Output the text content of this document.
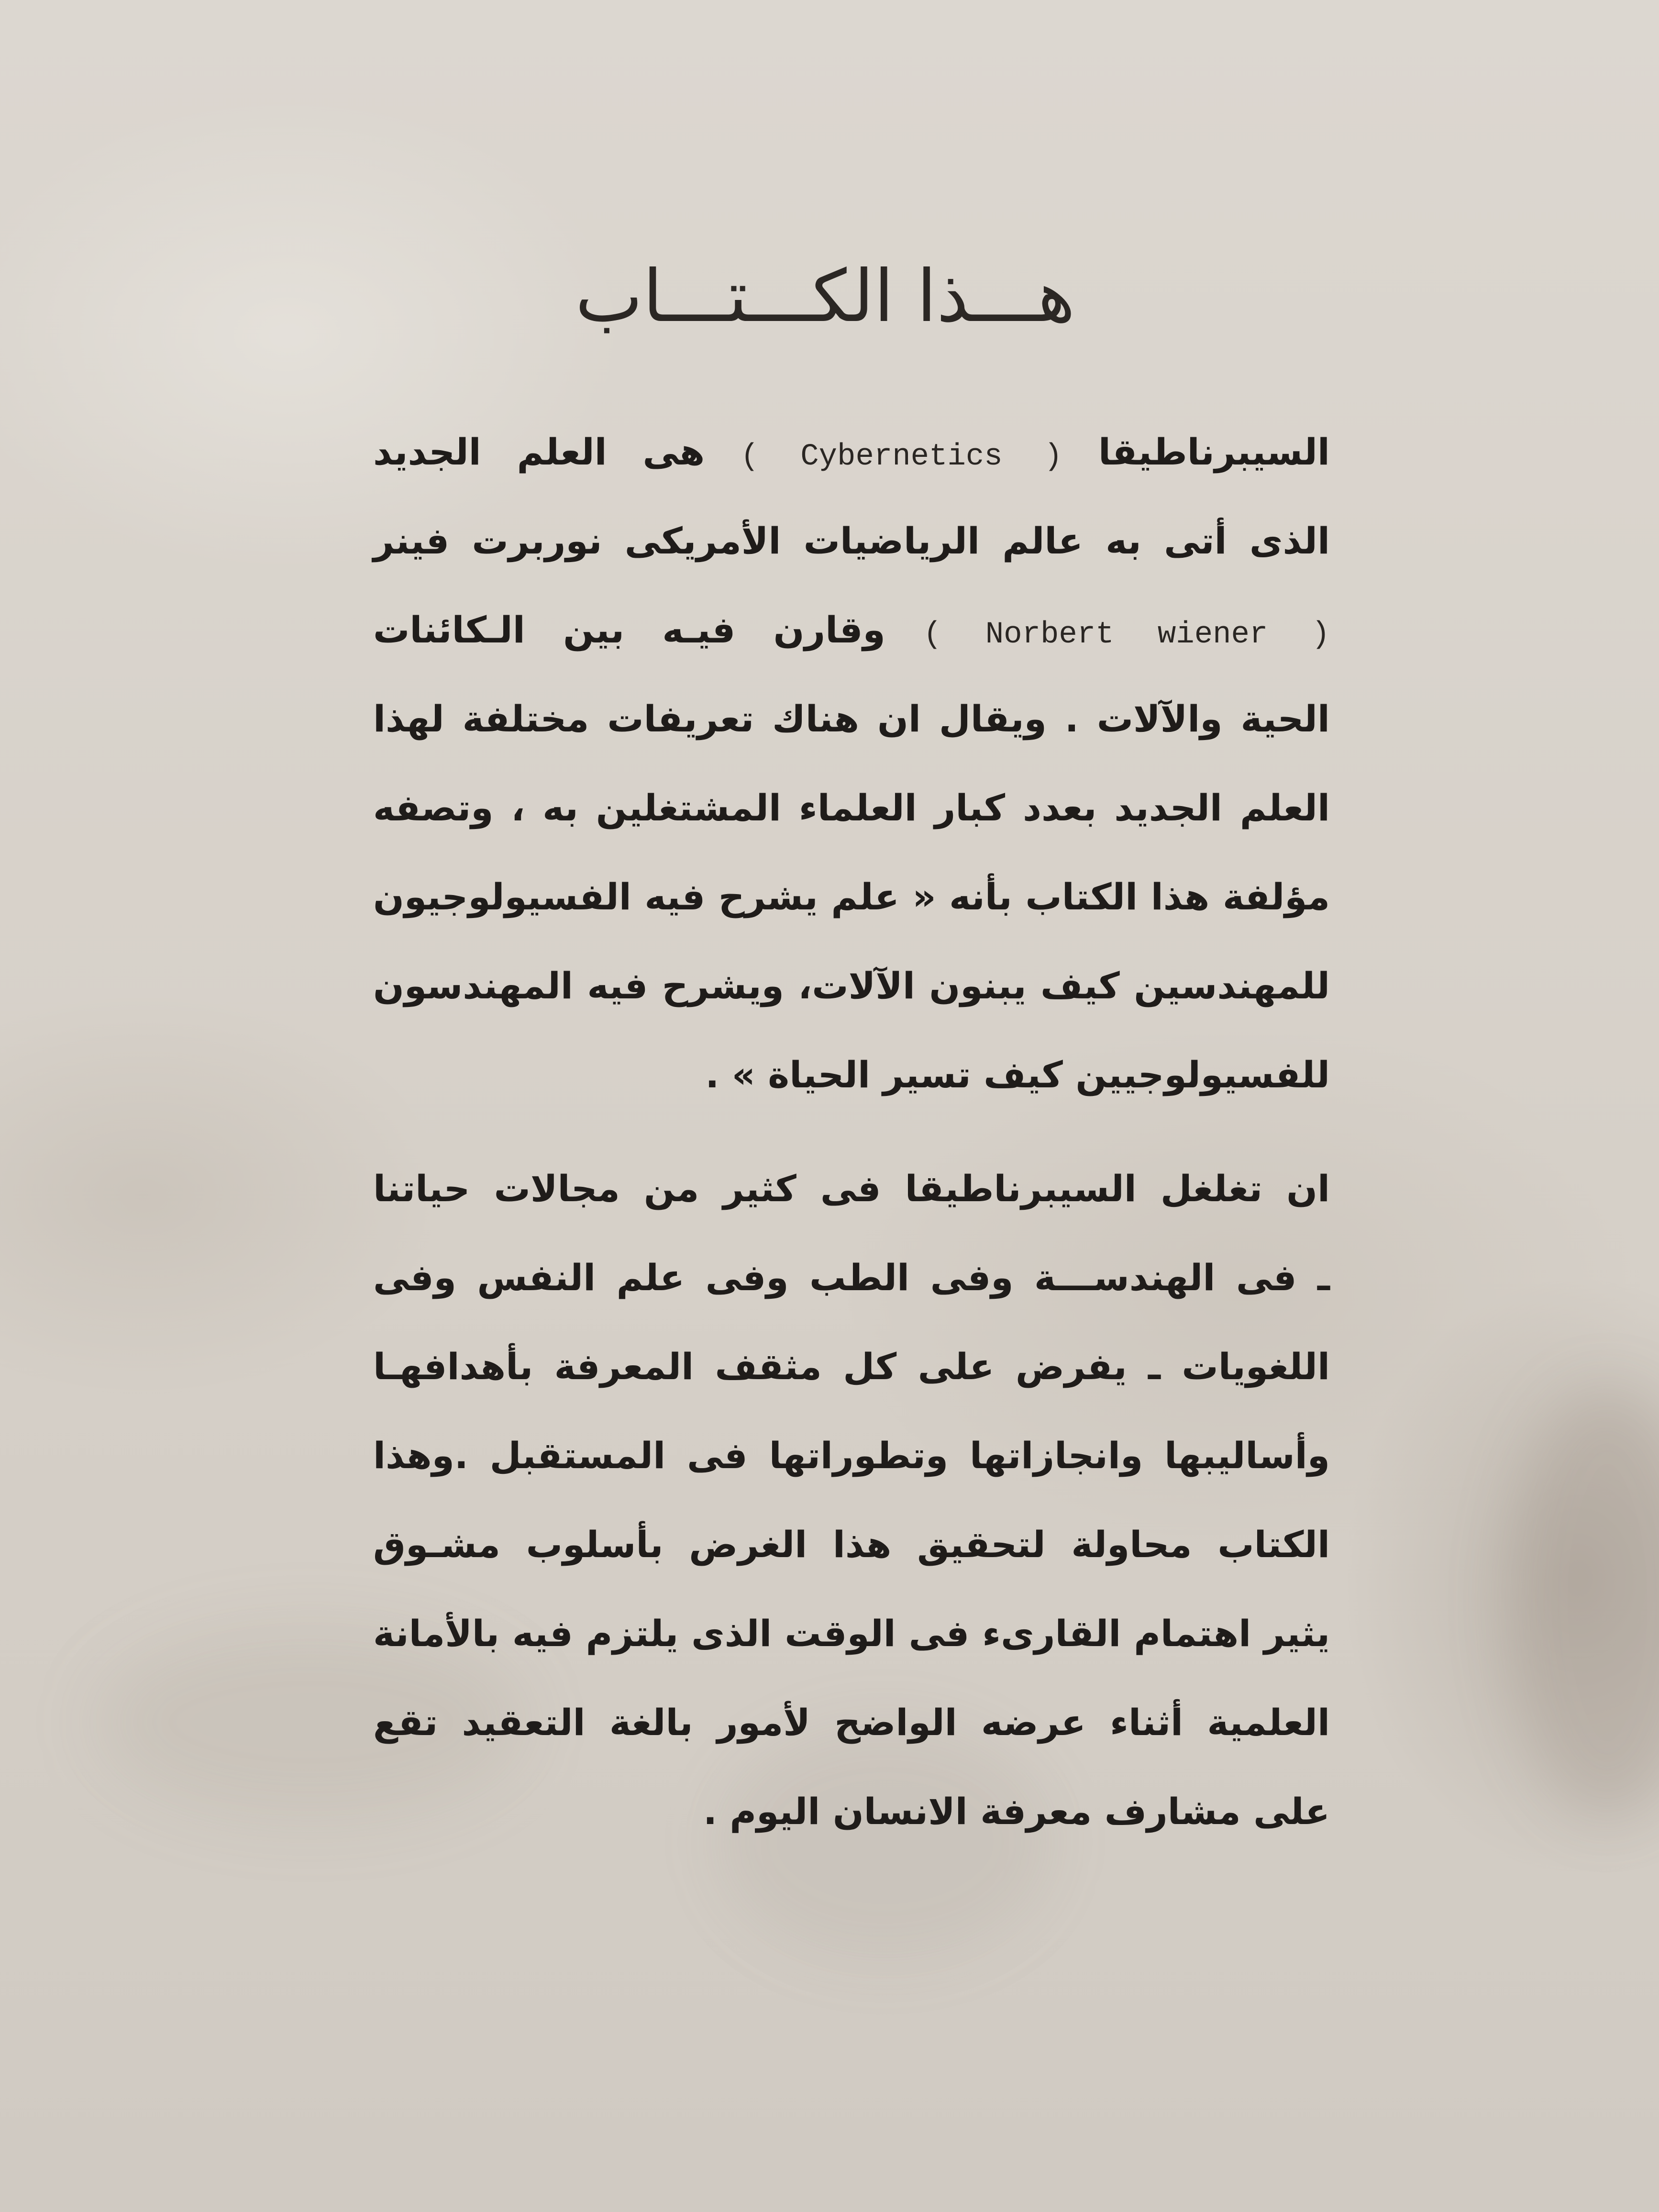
هـــذا الكـــتـــاب
السيبرناطيقا ( Cybernetics ) هى العلم الجديد
الذى أتى به عالم الرياضيات الأمريكى نوربرت فينر
( Norbert wiener ) وقارن فيـه بين الـكائنات
الحية والآلات . ويقال ان هناك تعريفات مختلفة لهذا
العلم الجديد بعدد كبار العلماء المشتغلين به ، وتصفه
مؤلفة هذا الكتاب بأنه « علم يشرح فيه الفسيولوجيون
للمهندسين كيف يبنون الآلات، ويشرح فيه المهندسون
للفسيولوجيين كيف تسير الحياة » .
ان تغلغل السيبرناطيقا فى كثير من مجالات حياتنا
ـ فى الهندســـة وفى الطب وفى علم النفس وفى
اللغويات ـ يفرض على كل مثقف المعرفة بأهدافهـا
وأساليبها وانجازاتها وتطوراتها فى المستقبل .وهذا
الكتاب محاولة لتحقيق هذا الغرض بأسلوب مشـوق
يثير اهتمام القارىء فى الوقت الذى يلتزم فيه بالأمانة
العلمية أثناء عرضه الواضح لأمور بالغة التعقيد تقع
على مشارف معرفة الانسان اليوم .
